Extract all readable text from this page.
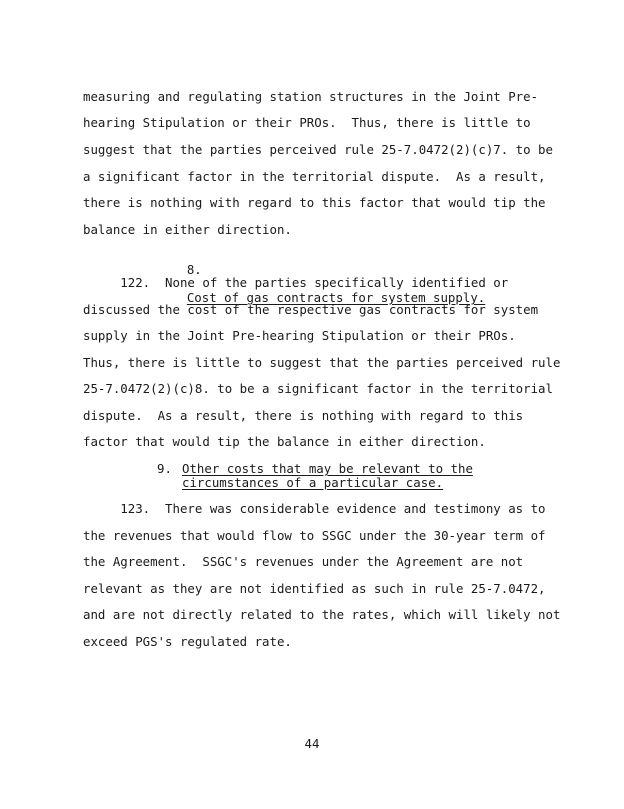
measuring and regulating station structures in the Joint Pre-
hearing Stipulation or their PROs.  Thus, there is little to
suggest that the parties perceived rule 25-7.0472(2)(c)7. to be
a significant factor in the territorial dispute.  As a result,
there is nothing with regard to this factor that would tip the
balance in either direction.

8.

Cost of gas contracts for system supply.

122.  None of the parties specifically identified or
discussed the cost of the respective gas contracts for system
supply in the Joint Pre-hearing Stipulation or their PROs.
Thus, there is little to suggest that the parties perceived rule
25-7.0472(2)(c)8. to be a significant factor in the territorial
dispute.  As a result, there is nothing with regard to this
factor that would tip the balance in either direction.
9. Other costs that may be relevant to the
circumstances of a particular case.
123.  There was considerable evidence and testimony as to
the revenues that would flow to SSGC under the 30-year term of
the Agreement.  SSGC's revenues under the Agreement are not
relevant as they are not identified as such in rule 25-7.0472,
and are not directly related to the rates, which will likely not
exceed PGS's regulated rate.
44
